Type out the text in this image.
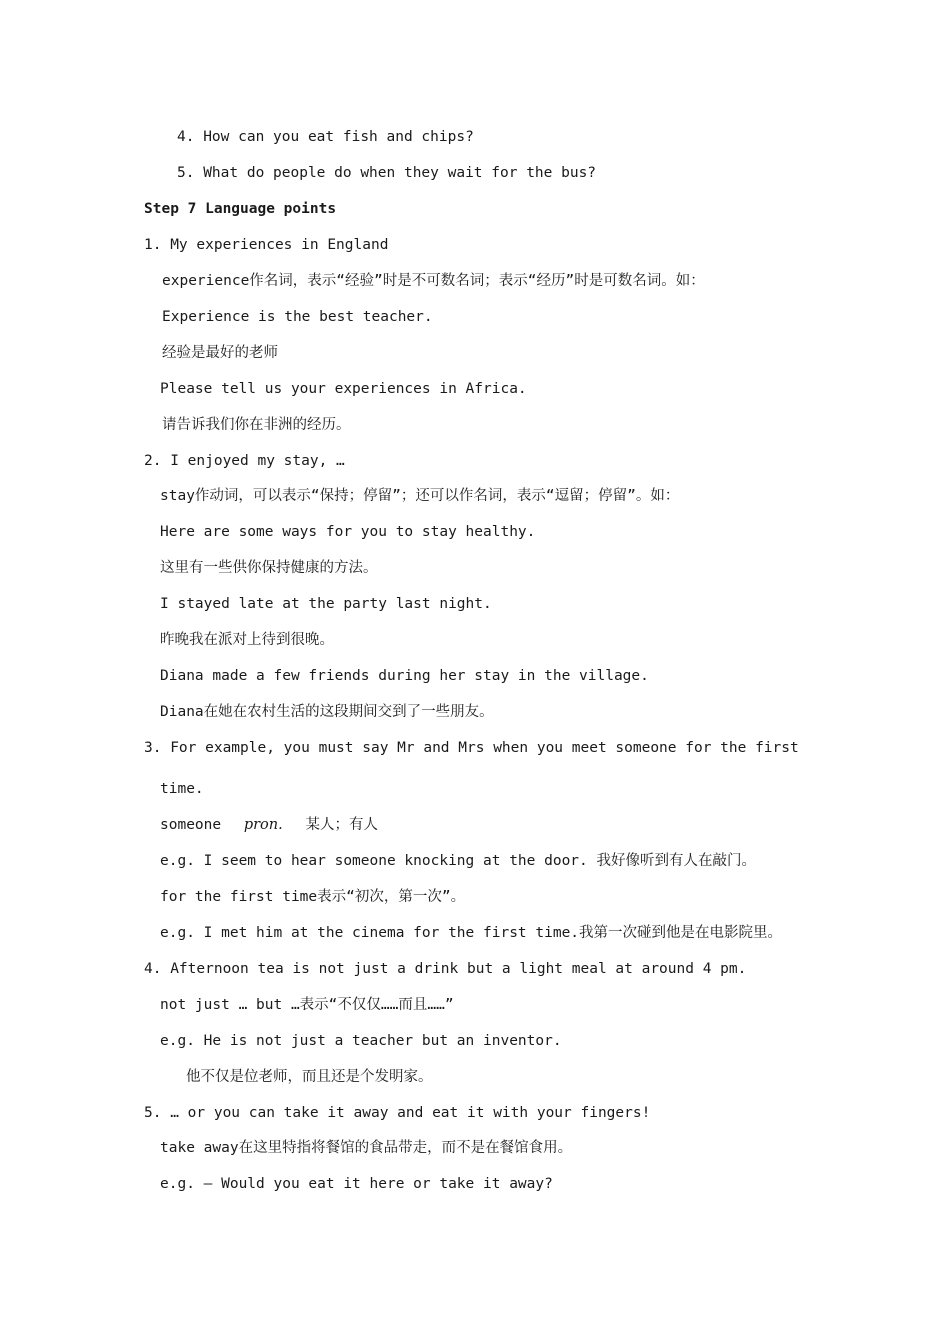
4. How can you eat fish and chips?
5. What do people do when they wait for the bus?
Step 7 Language points
1. My experiences in England
experience作名词，表示“经验”时是不可数名词；表示“经历”时是可数名词。如：
Experience is the best teacher.
经验是最好的老师
Please tell us your experiences in Africa.
请告诉我们你在非洲的经历。
2. I enjoyed my stay, …
stay作动词，可以表示“保持；停留”；还可以作名词，表示“逗留；停留”。如：
Here are some ways for you to stay healthy.
这里有一些供你保持健康的方法。
I stayed late at the party last night.
昨晚我在派对上待到很晚。
Diana made a few friends during her stay in the village.
Diana在她在农村生活的这段期间交到了一些朋友。
3. For example, you must say Mr and Mrs when you meet someone for the first
time.
someone pron. 某人；有人
e.g. I seem to hear someone knocking at the door. 我好像听到有人在敲门。
for the first time表示“初次，第一次”。
e.g. I met him at the cinema for the first time.我第一次碰到他是在电影院里。
4. Afternoon tea is not just a drink but a light meal at around 4 pm.
not just … but …表示“不仅仅……而且……”
e.g. He is not just a teacher but an inventor.
他不仅是位老师，而且还是个发明家。
5. … or you can take it away and eat it with your fingers!
take away在这里特指将餐馆的食品带走，而不是在餐馆食用。
e.g. — Would you eat it here or take it away?
